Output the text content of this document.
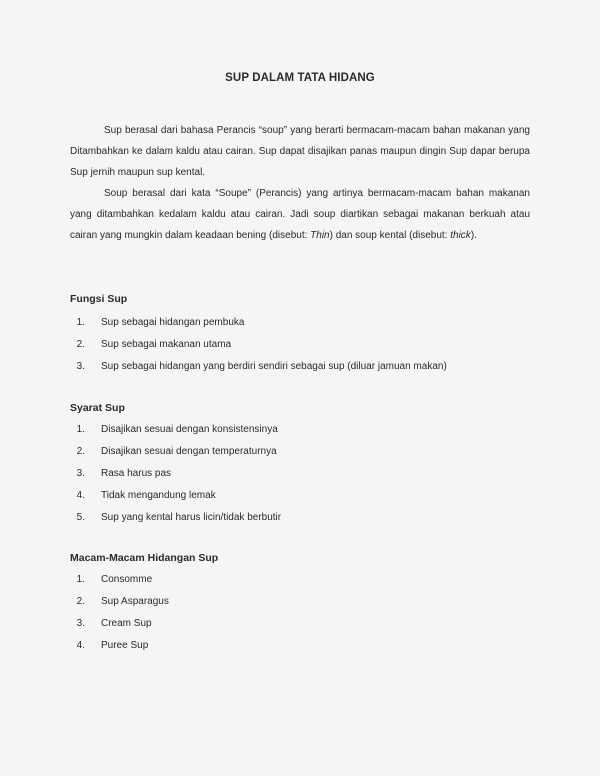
SUP DALAM TATA HIDANG

Sup berasal dari bahasa Perancis “soup” yang berarti bermacam-macam bahan makanan yang Ditambahkan ke dalam kaldu atau cairan. Sup dapat disajikan panas maupun dingin Sup dapar berupa Sup jernih maupun sup kental.

Soup berasal dari kata “Soupe” (Perancis) yang artinya bermacam-macam bahan makanan yang ditambahkan kedalam kaldu atau cairan. Jadi soup diartikan sebagai makanan berkuah atau cairan yang mungkin dalam keadaan bening (disebut: Thin) dan soup kental (disebut: thick).

Fungsi Sup
1.	Sup sebagai hidangan pembuka
2.	Sup sebagai makanan utama
3.	Sup sebagai hidangan yang berdiri sendiri sebagai sup (diluar jamuan makan)
Syarat Sup
1.	Disajikan sesuai dengan konsistensinya
2.	Disajikan sesuai dengan temperaturnya
3.	Rasa harus pas
4.	Tidak mengandung lemak
5.	Sup yang kental harus licin/tidak berbutir
Macam-Macam Hidangan Sup
1.	Consomme
2.	Sup Asparagus
3.	Cream Sup
4.	Puree Sup
